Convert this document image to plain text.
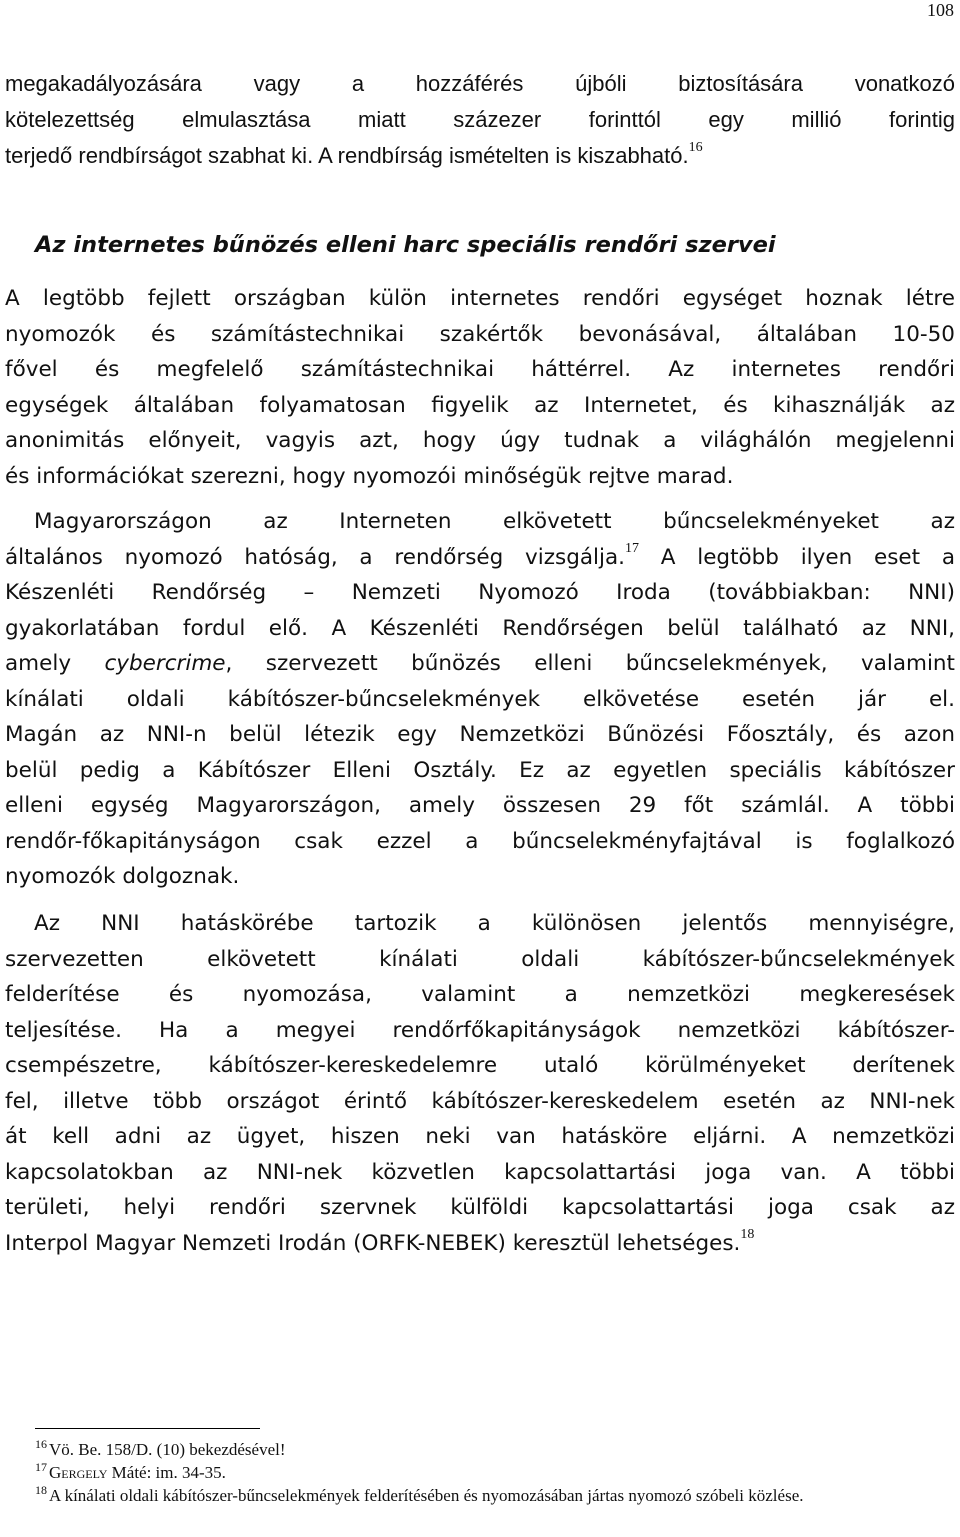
108
megakadályozására vagy a hozzáférés újbóli biztosítására vonatkozó
kötelezettség elmulasztása miatt százezer forinttól egy millió forintig
terjedő rendbírságot szabhat ki. A rendbírság ismételten is kiszabható.$^{16}$
Az internetes bűnözés elleni harc speciális rendőri szervei
A legtöbb fejlett országban külön internetes rendőri egységet hoznak létre
nyomozók és számítástechnikai szakértők bevonásával, általában 10-50
fővel és megfelelő számítástechnikai háttérrel. Az internetes rendőri
egységek általában folyamatosan figyelik az Internetet, és kihasználják az
anonimitás előnyeit, vagyis azt, hogy úgy tudnak a világhálón megjelenni
és információkat szerezni, hogy nyomozói minőségük rejtve marad.
Magyarországon az Interneten elkövetett bűncselekményeket az
általános nyomozó hatóság, a rendőrség vizsgálja.$^{17}$ A legtöbb ilyen eset a
Készenléti Rendőrség – Nemzeti Nyomozó Iroda (továbbiakban: NNI)
gyakorlatában fordul elő. A Készenléti Rendőrségen belül található az NNI,
amely cybercrime, szervezett bűnözés elleni bűncselekmények, valamint
kínálati oldali kábítószer-bűncselekmények elkövetése esetén jár el.
Magán az NNI-n belül létezik egy Nemzetközi Bűnözési Főosztály, és azon
belül pedig a Kábítószer Elleni Osztály. Ez az egyetlen speciális kábítószer
elleni egység Magyarországon, amely összesen 29 főt számlál. A többi
rendőr-főkapitányságon csak ezzel a bűncselekményfajtával is foglalkozó
nyomozók dolgoznak.
Az NNI hatáskörébe tartozik a különösen jelentős mennyiségre,
szervezetten elkövetett kínálati oldali kábítószer-bűncselekmények
felderítése és nyomozása, valamint a nemzetközi megkeresések
teljesítése. Ha a megyei rendőrfőkapitányságok nemzetközi kábítószer-
csempészetre, kábítószer-kereskedelemre utaló körülményeket derítenek
fel, illetve több országot érintő kábítószer-kereskedelem esetén az NNI-nek
át kell adni az ügyet, hiszen neki van hatásköre eljárni. A nemzetközi
kapcsolatokban az NNI-nek közvetlen kapcsolattartási joga van. A többi
területi, helyi rendőri szervnek külföldi kapcsolattartási joga csak az
Interpol Magyar Nemzeti Irodán (ORFK-NEBEK) keresztül lehetséges.$^{18}$
$^{16}$ Vö. Be. 158/D. (10) bekezdésével!
$^{17}$ Gergely Máté: im. 34-35.
$^{18}$ A kínálati oldali kábítószer-bűncselekmények felderítésében és nyomozásában jártas nyomozó szóbeli közlése.
